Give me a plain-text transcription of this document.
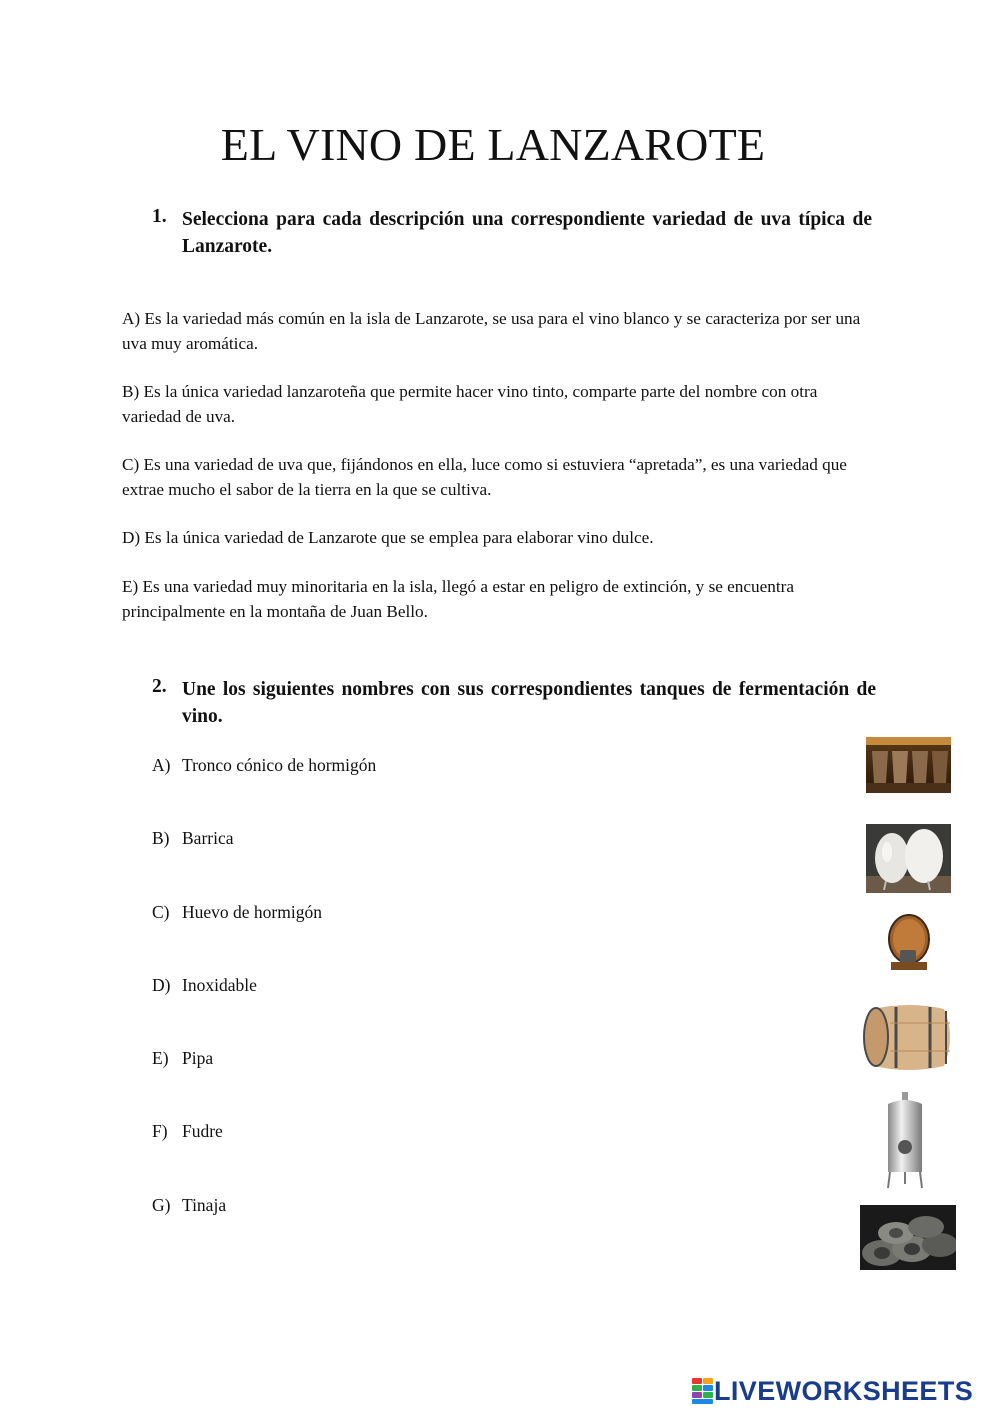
EL VINO DE LANZAROTE
1. Selecciona para cada descripción una correspondiente variedad de uva típica de Lanzarote.
A) Es la variedad más común en la isla de Lanzarote, se usa para el vino blanco y se caracteriza por ser una uva muy aromática.
B) Es la única variedad lanzaroteña que permite hacer vino tinto, comparte parte del nombre con otra variedad de uva.
C) Es una variedad de uva que, fijándonos en ella, luce como si estuviera “apretada”, es una variedad que extrae mucho el sabor de la tierra en la que se cultiva.
D) Es la única variedad de Lanzarote que se emplea para elaborar vino dulce.
E) Es una variedad muy minoritaria en la isla, llegó a estar en peligro de extinción, y se encuentra principalmente en la montaña de Juan Bello.
2. Une los siguientes nombres con sus correspondientes tanques de fermentación de vino.
A) Tronco cónico de hormigón
B) Barrica
C) Huevo de hormigón
D) Inoxidable
E) Pipa
F) Fudre
G) Tinaja
LIVEWORKSHEETS
